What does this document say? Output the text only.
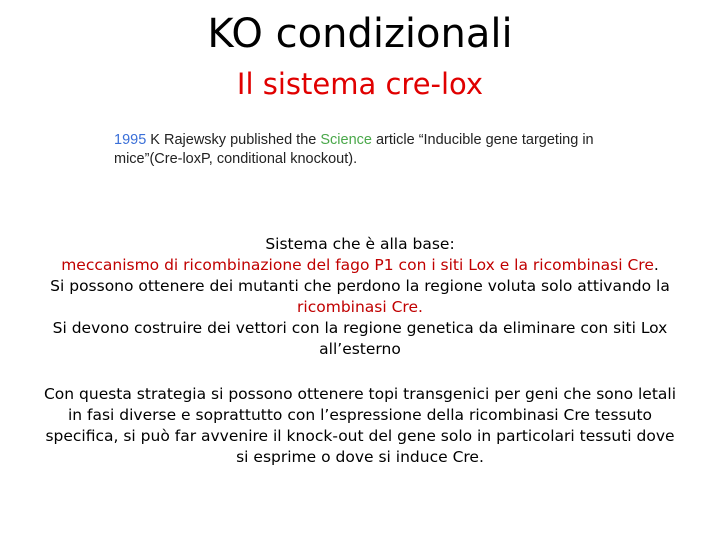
KO condizionali
Il sistema cre-lox
1995 K Rajewsky published the Science article “Inducible gene targeting in
mice”(Cre-loxP, conditional knockout).
Sistema che è alla base:
meccanismo di ricombinazione del fago P1 con i siti Lox e la ricombinasi Cre.
Si possono ottenere dei mutanti che perdono la regione voluta solo attivando la
ricombinasi Cre.
Si devono costruire dei vettori con la regione genetica da eliminare con siti Lox
all’esterno
Con questa strategia si possono ottenere topi transgenici per geni che sono letali
in fasi diverse e soprattutto con l’espressione della ricombinasi Cre tessuto
specifica, si può far avvenire il knock-out del gene solo in particolari tessuti dove
si esprime o dove si induce Cre.
